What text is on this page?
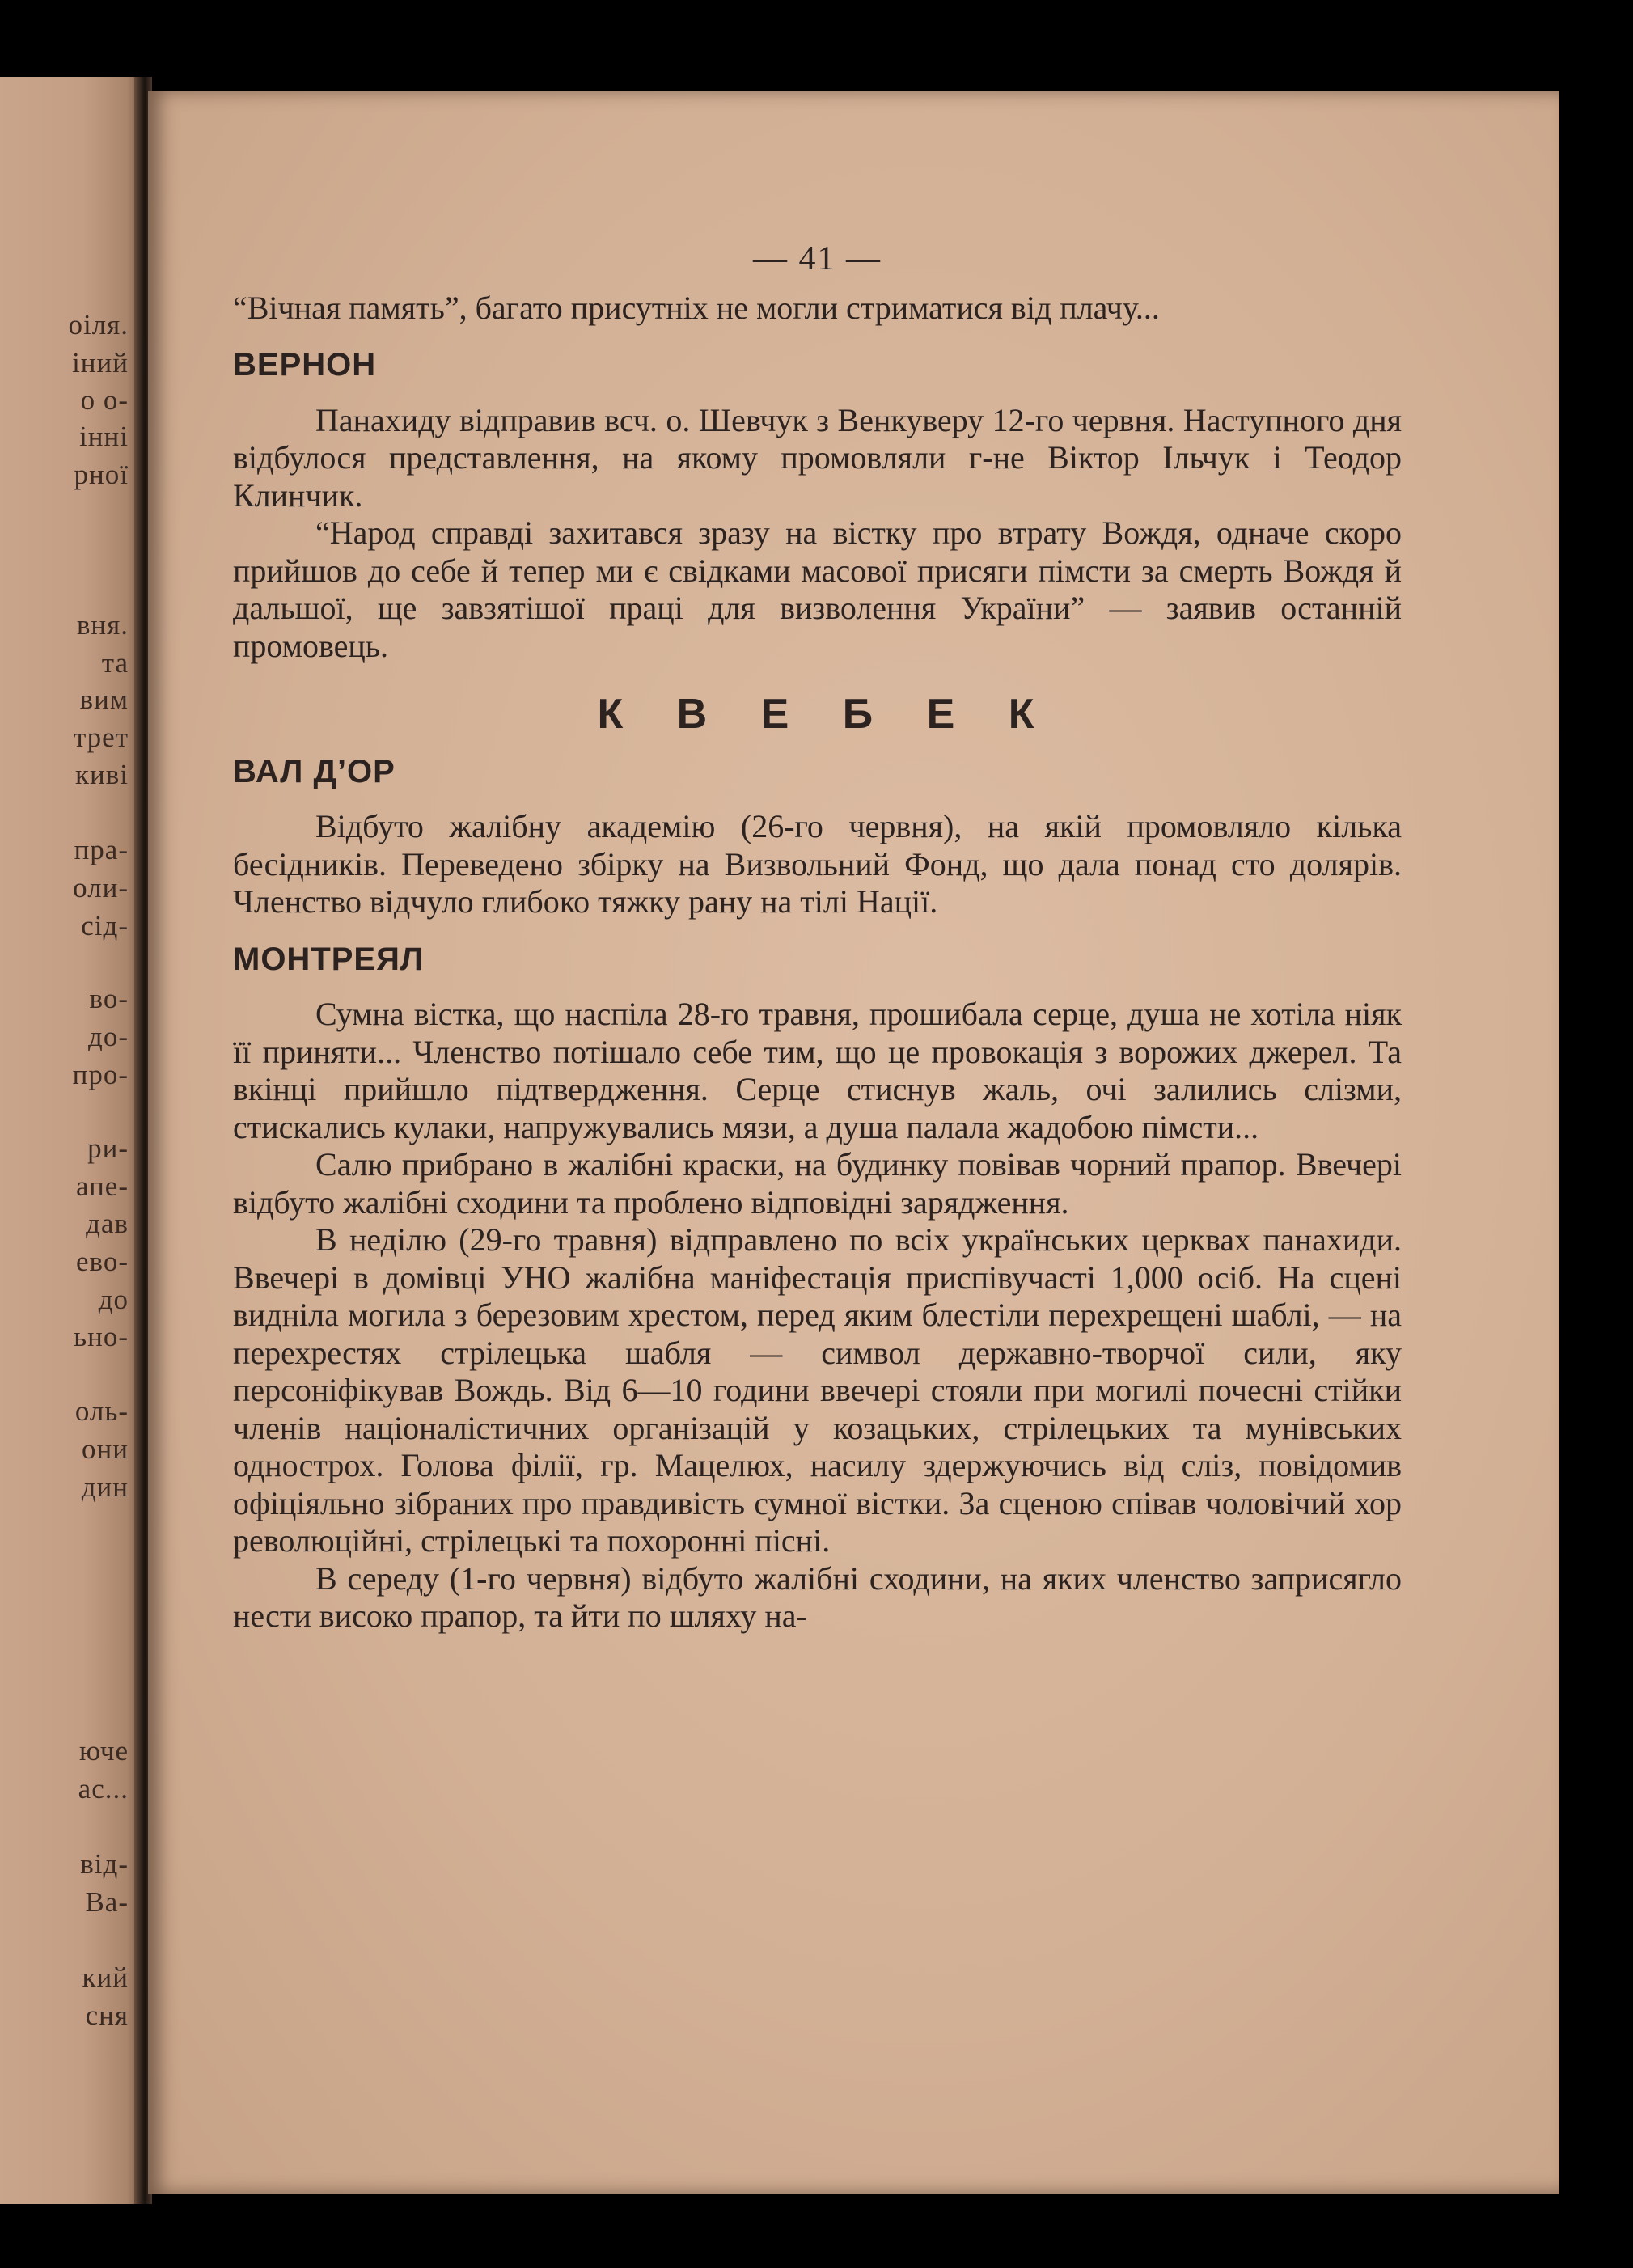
оіля.
іний
о о-
інні
рної
вня.
та
вим
трет
киві
пра-
оли-
сід-
во-
до-
про-
ри-
апе-
дав
ево-
до
ьно-
оль-
они
дин
юче
ас...
від-
Ва-
кий
сня
— 41 —

“Вічная память”, багато присутніх не могли стриматися від плачу...

ВЕРНОН

Панахиду відправив всч. о. Шевчук з Венкуверу 12-го червня. Наступного дня відбулося представлення, на якому промовляли г-не Віктор Ільчук і Теодор Клинчик.

“Народ справді захитався зразу на вістку про втрату Вождя, одначе скоро прийшов до себе й тепер ми є свідками масової присяги пімсти за смерть Вождя й дальшої, ще завзятішої праці для визволення України” — заявив останній промовець.

К В Е Б Е К
ВАЛ Д’ОР

Відбуто жалібну академію (26-го червня), на якій промовляло кілька бесідників. Переведено збірку на Визвольний Фонд, що дала понад сто долярів. Членство відчуло глибоко тяжку рану на тілі Нації.

МОНТРЕЯЛ

Сумна вістка, що наспіла 28-го травня, прошибала серце, душа не хотіла ніяк її приняти... Членство потішало себе тим, що це провокація з ворожих джерел. Та вкінці прийшло підтвердження. Серце стиснув жаль, очі залились слізми, стискались кулаки, напружувались мязи, а душа палала жадобою пімсти...

Салю прибрано в жалібні краски, на будинку повівав чорний прапор. Ввечері відбуто жалібні сходини та проблено відповідні зарядження.

В неділю (29-го травня) відправлено по всіх українських церквах панахиди. Ввечері в домівці УНО жалібна маніфестація приспівучасті 1,000 осіб. На сцені видніла могила з березовим хрестом, перед яким блестіли перехрещені шаблі, — на перехрестях стрілецька шабля — символ державно-творчої сили, яку персоніфікував Вождь. Від 6—10 години ввечері стояли при могилі почесні стійки членів націоналістичних організацій у козацьких, стрілецьких та мунівських однострох. Голова філії, гр. Мацелюх, насилу здержуючись від сліз, повідомив офіціяльно зібраних про правдивість сумної вістки. За сценою співав чоловічий хор революційні, стрілецькі та похоронні пісні.

В середу (1-го червня) відбуто жалібні сходини, на яких членство заприсягло нести високо прапор, та йти по шляху на-
